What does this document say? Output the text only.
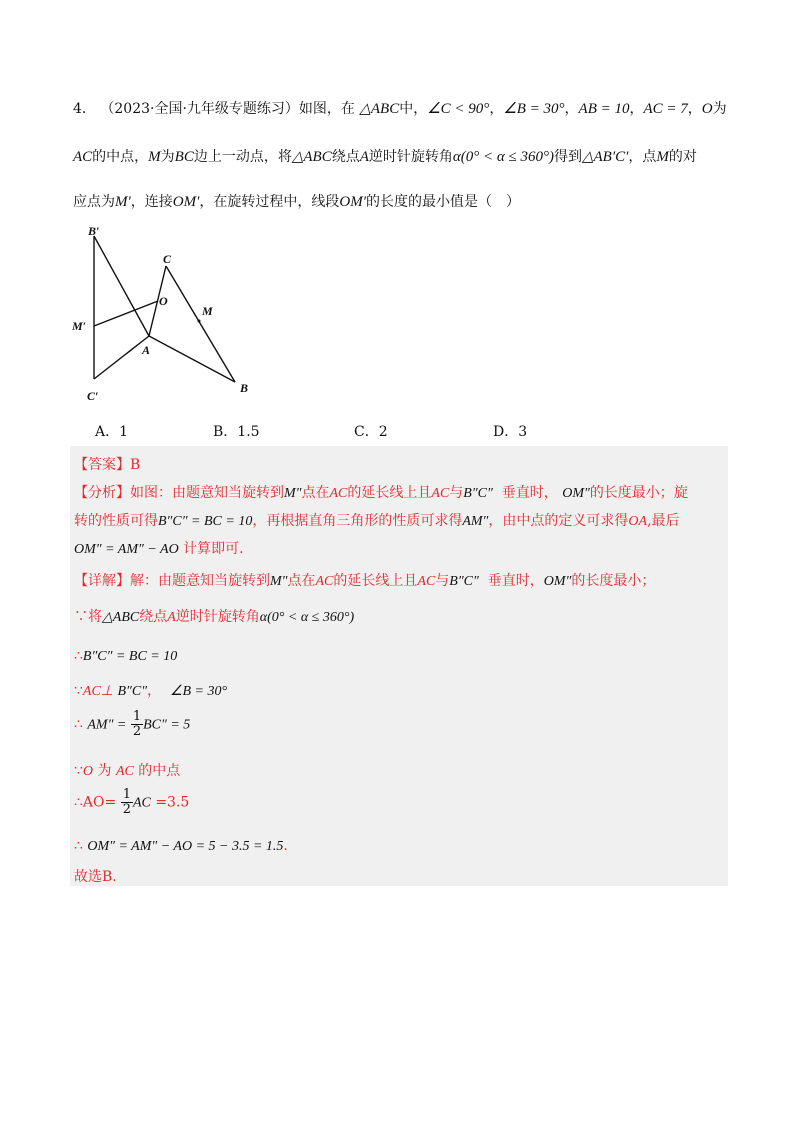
4． （2023·全国·九年级专题练习）如图，在 △ABC中，∠C < 90°，∠B = 30°，AB = 10，AC = 7，O为
AC的中点，M为BC边上一动点，将△ABC绕点A逆时针旋转角α(0° < α ≤ 360°)得到△AB′C′，点M的对
应点为M′，连接OM′，在旋转过程中，线段OM′的长度的最小值是（　）
B′
C
O
M
M′
A
C′
B
A．1	B．1.5	C．2	D．3
【答案】B
【分析】如图：由题意知当旋转到M″点在AC的延长线上且AC与B″C″ 垂直时， OM″的长度最小；旋
转的性质可得B″C″ = BC = 10，再根据直角三角形的性质可求得AM″，由中点的定义可求得OA,最后
OM″ = AM″ − AO 计算即可.
【详解】解：由题意知当旋转到M″点在AC的延长线上且AC与B″C″ 垂直时，OM″的长度最小；
∵将△ABC绕点A逆时针旋转角α(0° < α ≤ 360°)
∴B″C″ = BC = 10
∵AC⊥ B″C″， ∠B = 30°
∴ $AM'' = \frac{1}{2} BC'' = 5$
∵O 为 AC 的中点
∴AO= $\frac{1}{2}$ AC =3.5
∴ OM″ = AM″ − AO = 5 − 3.5 = 1.5.
故选B.
